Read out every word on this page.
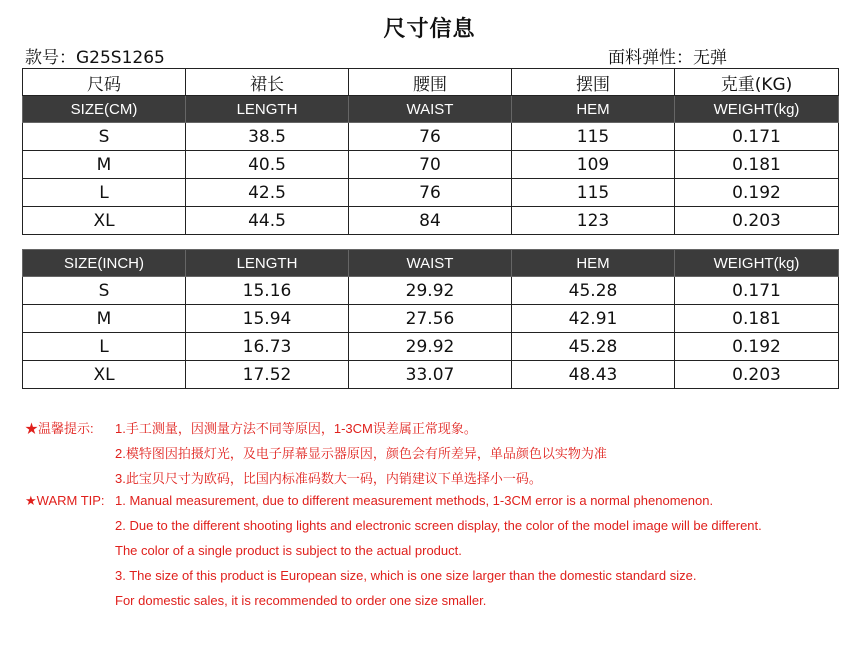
尺寸信息
款号：G25S1265	面料弹性：无弹
尺码	裙长	腰围	摆围	克重(KG)
SIZE(CM)	LENGTH	WAIST	HEM	WEIGHT(kg)
S	38.5	76	115	0.171
M	40.5	70	109	0.181
L	42.5	76	115	0.192
XL	44.5	84	123	0.203
SIZE(INCH)	LENGTH	WAIST	HEM	WEIGHT(kg)
S	15.16	29.92	45.28	0.171
M	15.94	27.56	42.91	0.181
L	16.73	29.92	45.28	0.192
XL	17.52	33.07	48.43	0.203
★温馨提示: 1.手工测量，因测量方法不同等原因，1-3CM误差属正常现象。
2.模特图因拍摄灯光，及电子屏幕显示器原因，颜色会有所差异，单品颜色以实物为准
3.此宝贝尺寸为欧码，比国内标准码数大一码，内销建议下单选择小一码。
★WARM TIP: 1. Manual measurement, due to different measurement methods, 1-3CM error is a normal phenomenon.
2. Due to the different shooting lights and electronic screen display, the color of the model image will be different.
The color of a single product is subject to the actual product.
3. The size of this product is European size, which is one size larger than the domestic standard size.
For domestic sales, it is recommended to order one size smaller.
